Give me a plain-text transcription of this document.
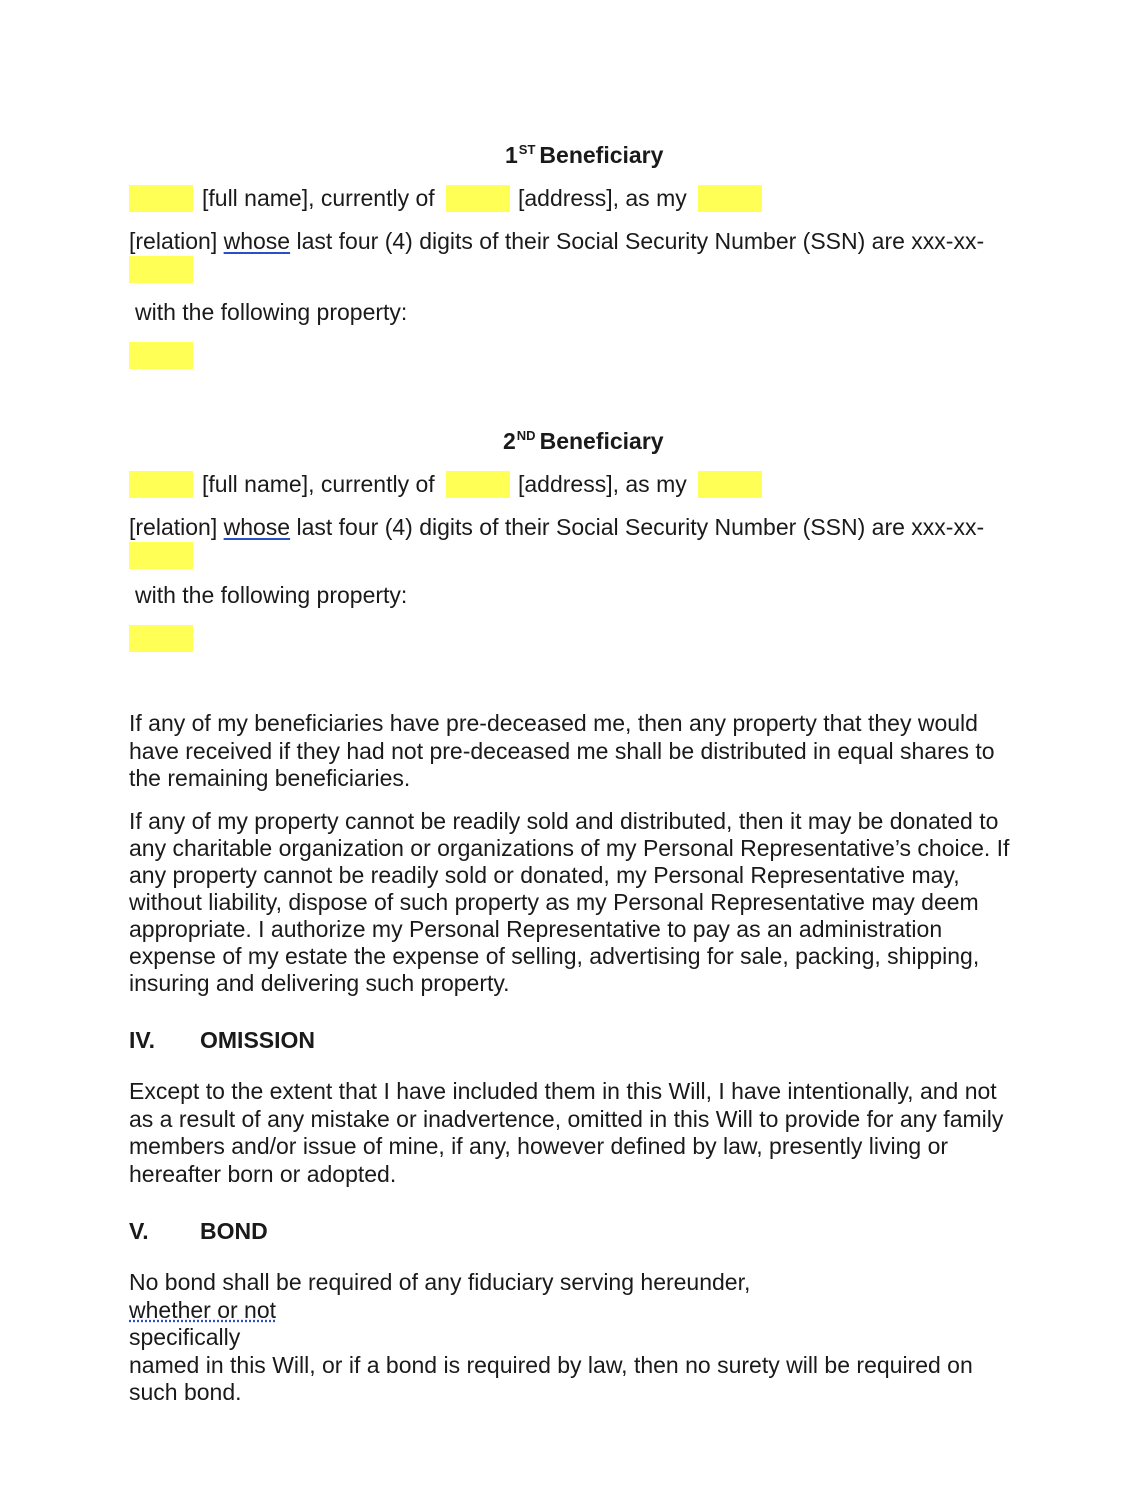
1ST Beneficiary
[full name], currently of	[address], as my
[relation] whose last four (4) digits of their Social Security Number (SSN) are xxx-xx-
with the following property:
2ND Beneficiary
[full name], currently of	[address], as my
[relation] whose last four (4) digits of their Social Security Number (SSN) are xxx-xx-
with the following property:
If any of my beneficiaries have pre-deceased me, then any property that they would
have received if they had not pre-deceased me shall be distributed in equal shares to
the remaining beneficiaries.
If any of my property cannot be readily sold and distributed, then it may be donated to
any charitable organization or organizations of my Personal Representative’s choice. If
any property cannot be readily sold or donated, my Personal Representative may,
without liability, dispose of such property as my Personal Representative may deem
appropriate. I authorize my Personal Representative to pay as an administration
expense of my estate the expense of selling, advertising for sale, packing, shipping,
insuring and delivering such property.
IV. OMISSION
Except to the extent that I have included them in this Will, I have intentionally, and not
as a result of any mistake or inadvertence, omitted in this Will to provide for any family
members and/or issue of mine, if any, however defined by law, presently living or
hereafter born or adopted.
V. BOND
No bond shall be required of any fiduciary serving hereunder,
whether or not
specifically
named in this Will, or if a bond is required by law, then no surety will be required on
such bond.
